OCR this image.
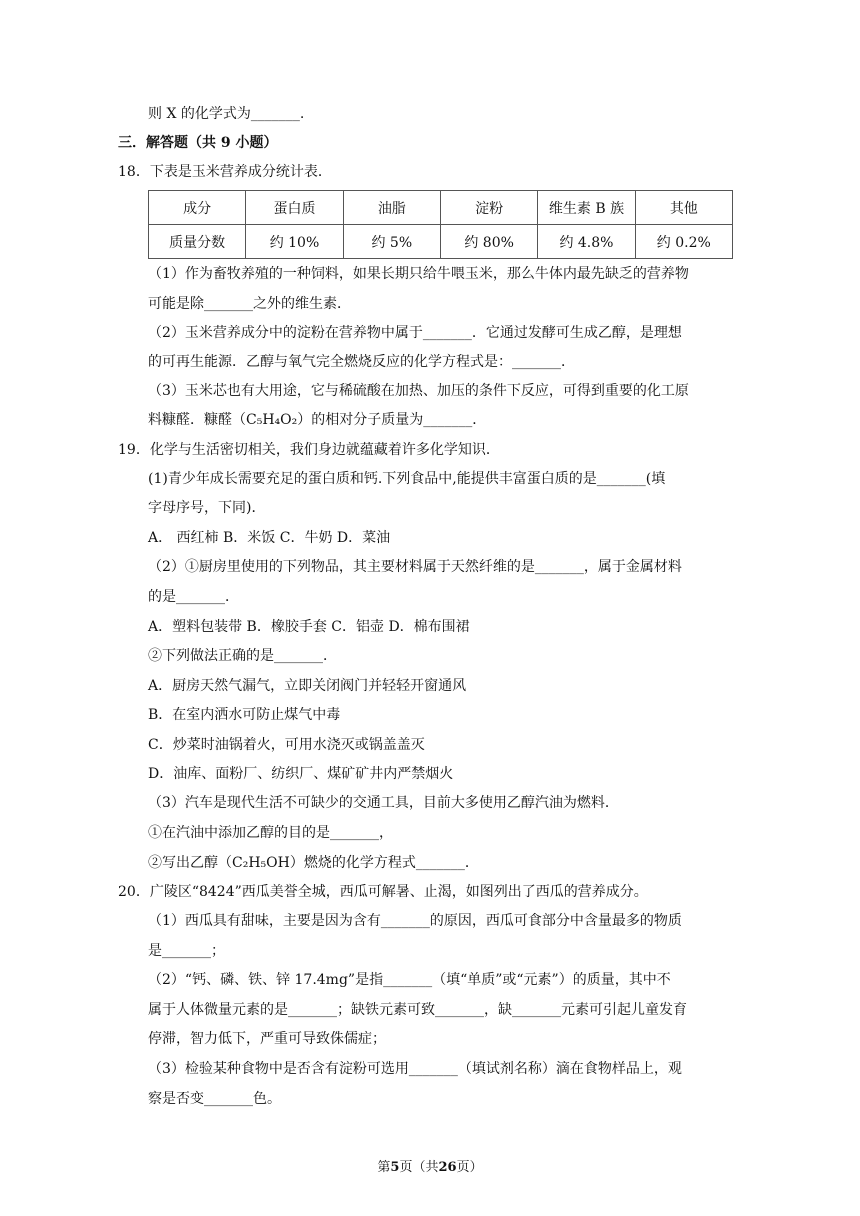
则 X 的化学式为_______.
三．解答题（共 9 小题）
18．下表是玉米营养成分统计表．
成分	蛋白质	油脂	淀粉	维生素 B 族	其他
质量分数	约 10%	约 5%	约 80%	约 4.8%	约 0.2%
（1）作为畜牧养殖的一种饲料，如果长期只给牛喂玉米，那么牛体内最先缺乏的营养物
可能是除_______之外的维生素．
（2）玉米营养成分中的淀粉在营养物中属于_______．它通过发酵可生成乙醇，是理想
的可再生能源．乙醇与氧气完全燃烧反应的化学方程式是：_______．
（3）玉米芯也有大用途，它与稀硫酸在加热、加压的条件下反应，可得到重要的化工原
料糠醛．糠醛（C₅H₄O₂）的相对分子质量为_______．
19．化学与生活密切相关，我们身边就蕴藏着许多化学知识．
(1)青少年成长需要充足的蛋白质和钙.下列食品中,能提供丰富蛋白质的是_______(填
字母序号，下同)．
A． 西红柿 B．米饭 C．牛奶 D．菜油
（2）①厨房里使用的下列物品，其主要材料属于天然纤维的是_______，属于金属材料
的是_______．
A．塑料包装带 B．橡胶手套 C．铝壶 D．棉布围裙
②下列做法正确的是_______．
A．厨房天然气漏气，立即关闭阀门并轻轻开窗通风
B．在室内洒水可防止煤气中毒
C．炒菜时油锅着火，可用水浇灭或锅盖盖灭
D．油库、面粉厂、纺织厂、煤矿矿井内严禁烟火
（3）汽车是现代生活不可缺少的交通工具，目前大多使用乙醇汽油为燃料．
①在汽油中添加乙醇的目的是_______，
②写出乙醇（C₂H₅OH）燃烧的化学方程式_______．
20．广陵区“8424”西瓜美誉全城，西瓜可解暑、止渴，如图列出了西瓜的营养成分。
（1）西瓜具有甜味，主要是因为含有_______的原因，西瓜可食部分中含量最多的物质
是_______；
（2）“钙、磷、铁、锌 17.4mg”是指_______（填“单质”或“元素”）的质量，其中不
属于人体微量元素的是_______；缺铁元素可致_______，缺_______元素可引起儿童发育
停滞，智力低下，严重可导致侏儒症；
（3）检验某种食物中是否含有淀粉可选用_______（填试剂名称）滴在食物样品上，观
察是否变_______色。
第5页（共26页）
